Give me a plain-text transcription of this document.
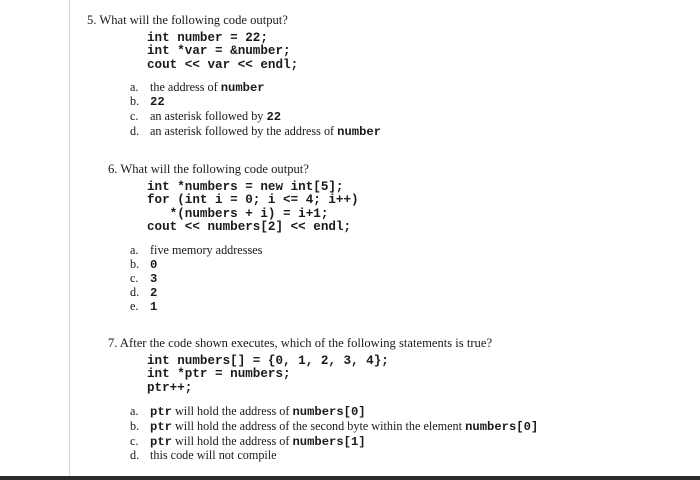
5. What will the following code output?
int number = 22;
int *var = &number;
cout << var << endl;
a. the address of number
b. 22
c. an asterisk followed by 22
d. an asterisk followed by the address of number
6. What will the following code output?
int *numbers = new int[5];
for (int i = 0; i <= 4; i++)
*(numbers + i) = i+1;
cout << numbers[2] << endl;
a. five memory addresses
b. 0
c. 3
d. 2
e. 1
7. After the code shown executes, which of the following statements is true?
int numbers[] = {0, 1, 2, 3, 4};
int *ptr = numbers;
ptr++;
a. ptr will hold the address of numbers[0]
b. ptr will hold the address of the second byte within the element numbers[0]
c. ptr will hold the address of numbers[1]
d. this code will not compile
